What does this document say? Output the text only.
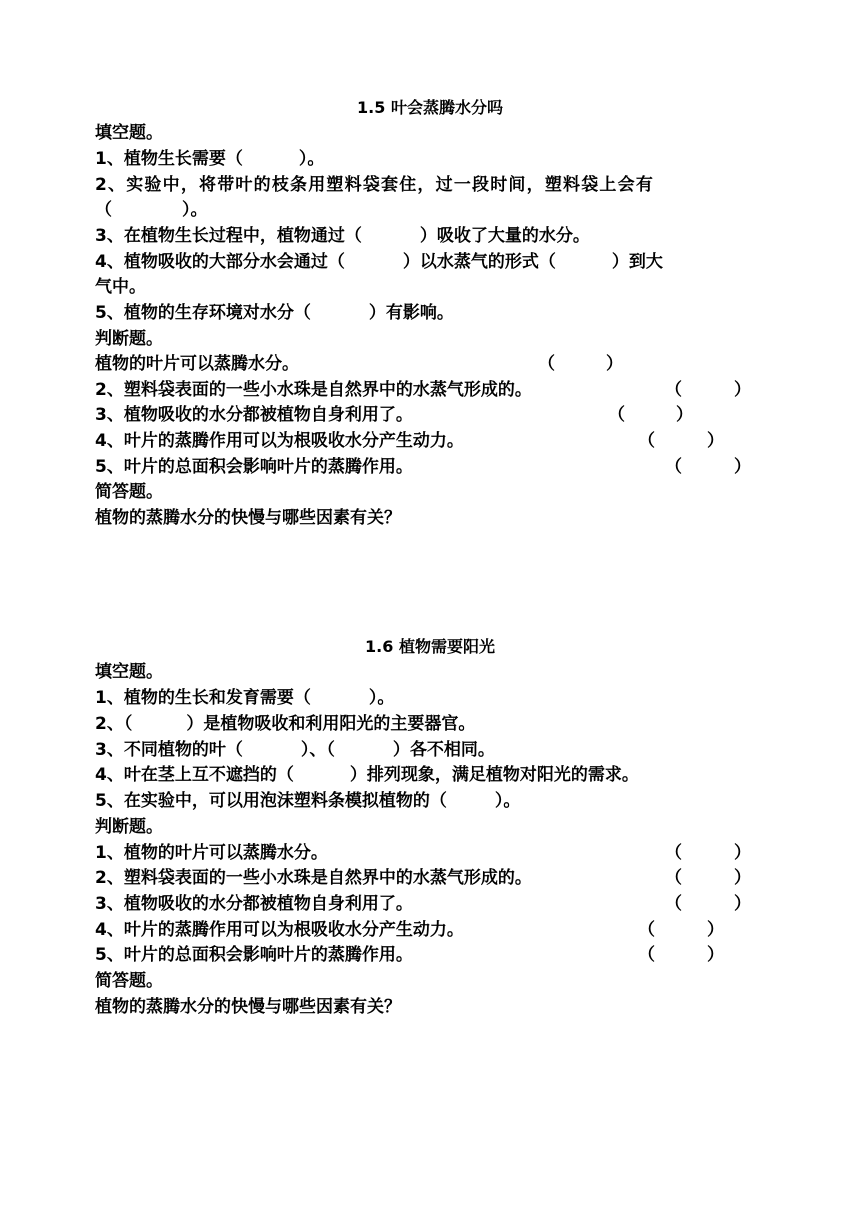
1.5 叶会蒸腾水分吗
填空题。
1、植物生长需要（	）。
2、实验中，将带叶的枝条用塑料袋套住，过一段时间，塑料袋上会有
（	）。
3、在植物生长过程中，植物通过（	）吸收了大量的水分。
4、植物吸收的大部分水会通过（	）以水蒸气的形式（	）到大
气中。
5、植物的生存环境对水分（	）有影响。
判断题。
植物的叶片可以蒸腾水分。	（	）
2、塑料袋表面的一些小水珠是自然界中的水蒸气形成的。	（	）
3、植物吸收的水分都被植物自身利用了。	（	）
4、叶片的蒸腾作用可以为根吸收水分产生动力。	（	）
5、叶片的总面积会影响叶片的蒸腾作用。	（	）
简答题。
植物的蒸腾水分的快慢与哪些因素有关？
1.6 植物需要阳光
填空题。
1、植物的生长和发育需要（	）。
2、（	）是植物吸收和利用阳光的主要器官。
3、不同植物的叶（	）、（	）各不相同。
4、叶在茎上互不遮挡的（	）排列现象，满足植物对阳光的需求。
5、在实验中，可以用泡沫塑料条模拟植物的（	）。
判断题。
1、植物的叶片可以蒸腾水分。	（	）
2、塑料袋表面的一些小水珠是自然界中的水蒸气形成的。	（	）
3、植物吸收的水分都被植物自身利用了。	（	）
4、叶片的蒸腾作用可以为根吸收水分产生动力。	（	）
5、叶片的总面积会影响叶片的蒸腾作用。	（	）
简答题。
植物的蒸腾水分的快慢与哪些因素有关？
